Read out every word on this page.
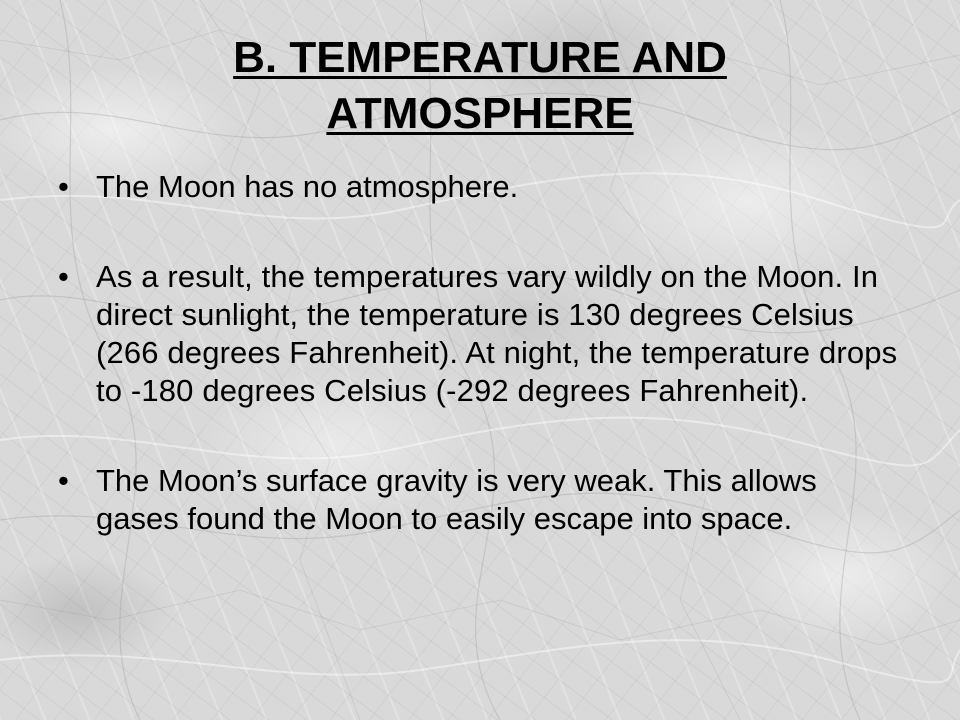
B. TEMPERATURE AND
ATMOSPHERE
• The Moon has no atmosphere.
• As a result, the temperatures vary wildly on the Moon. In direct sunlight, the temperature is 130 degrees Celsius (266 degrees Fahrenheit). At night, the temperature drops to -180 degrees Celsius (-292 degrees Fahrenheit).
• The Moon’s surface gravity is very weak. This allows gases found the Moon to easily escape into space.
